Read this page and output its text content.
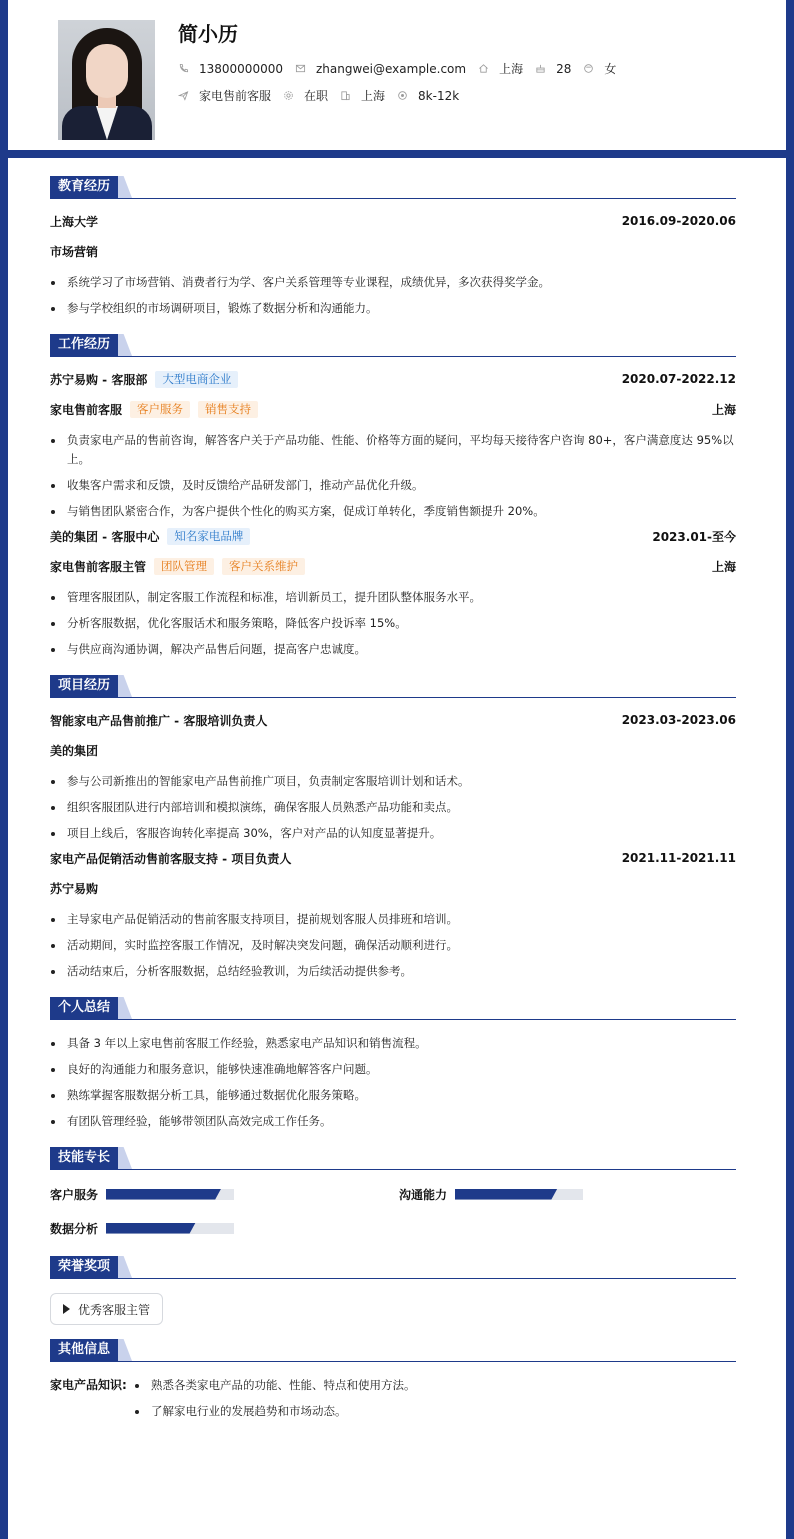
简小历
13800000000	zhangwei@example.com	上海	28	女
家电售前客服	在职	上海	8k-12k
教育经历
上海大学	2016.09-2020.06
市场营销
系统学习了市场营销、消费者行为学、客户关系管理等专业课程，成绩优异，多次获得奖学金。
参与学校组织的市场调研项目，锻炼了数据分析和沟通能力。
工作经历
苏宁易购 - 客服部	大型电商企业	2020.07-2022.12
家电售前客服	客户服务	销售支持	上海
负责家电产品的售前咨询，解答客户关于产品功能、性能、价格等方面的疑问，平均每天接待客户咨询 80+，客户满意度达 95%以上。
收集客户需求和反馈，及时反馈给产品研发部门，推动产品优化升级。
与销售团队紧密合作，为客户提供个性化的购买方案，促成订单转化，季度销售额提升 20%。
美的集团 - 客服中心	知名家电品牌	2023.01-至今
家电售前客服主管	团队管理	客户关系维护	上海
管理客服团队，制定客服工作流程和标准，培训新员工，提升团队整体服务水平。
分析客服数据，优化客服话术和服务策略，降低客户投诉率 15%。
与供应商沟通协调，解决产品售后问题，提高客户忠诚度。
项目经历
智能家电产品售前推广 - 客服培训负责人	2023.03-2023.06
美的集团
参与公司新推出的智能家电产品售前推广项目，负责制定客服培训计划和话术。
组织客服团队进行内部培训和模拟演练，确保客服人员熟悉产品功能和卖点。
项目上线后，客服咨询转化率提高 30%，客户对产品的认知度显著提升。
家电产品促销活动售前客服支持 - 项目负责人	2021.11-2021.11
苏宁易购
主导家电产品促销活动的售前客服支持项目，提前规划客服人员排班和培训。
活动期间，实时监控客服工作情况，及时解决突发问题，确保活动顺利进行。
活动结束后，分析客服数据，总结经验教训，为后续活动提供参考。
个人总结
具备 3 年以上家电售前客服工作经验，熟悉家电产品知识和销售流程。
良好的沟通能力和服务意识，能够快速准确地解答客户问题。
熟练掌握客服数据分析工具，能够通过数据优化服务策略。
有团队管理经验，能够带领团队高效完成工作任务。
技能专长
客户服务	沟通能力
数据分析
荣誉奖项
优秀客服主管
其他信息
家电产品知识:	熟悉各类家电产品的功能、性能、特点和使用方法。
了解家电行业的发展趋势和市场动态。
